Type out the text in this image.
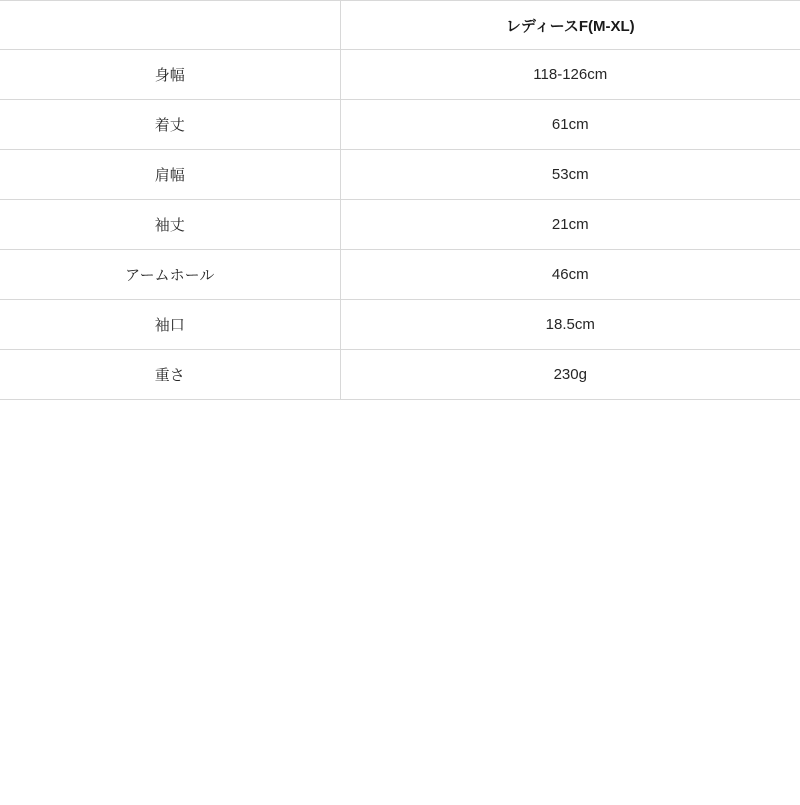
	レディースF(M-XL)
身幅	118-126cm
着丈	61cm
肩幅	53cm
袖丈	21cm
アームホール	46cm
袖口	18.5cm
重さ	230g
